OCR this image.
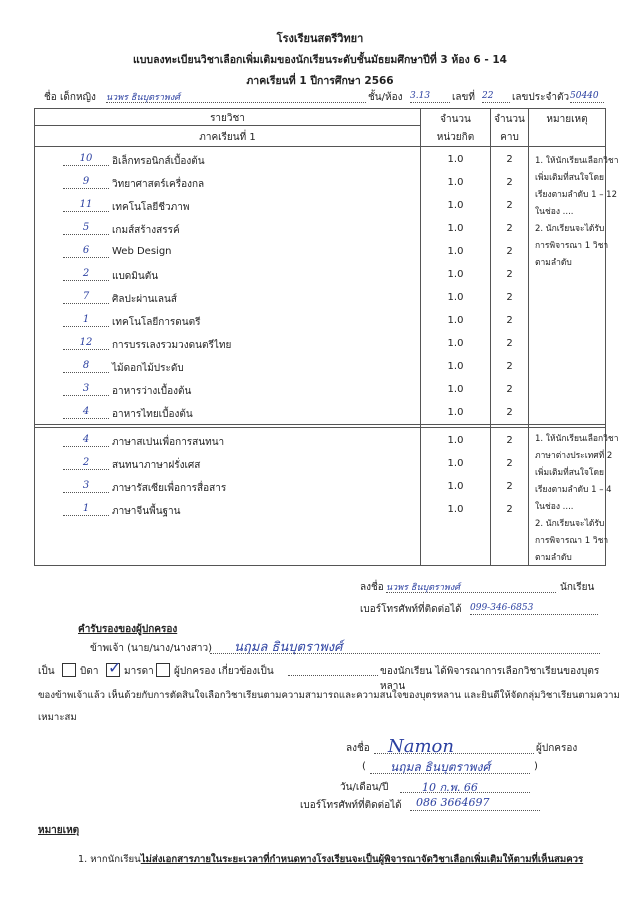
โรงเรียนสตรีวิทยา
แบบลงทะเบียนวิชาเลือกเพิ่มเติมของนักเรียนระดับชั้นมัธยมศึกษาปีที่ 3 ห้อง 6 - 14
ภาคเรียนที่ 1 ปีการศึกษา 2566
ชื่อ เด็กหญิง นวพร ธินบุตราพงศ์	ชั้น/ห้อง 3.13	เลขที่ 22	เลขประจำตัว 50440
รายวิชา
ภาคเรียนที่ 1
จำนวน
หน่วยกิต
จำนวน
คาบ
หมายเหตุ
10	อิเล็กทรอนิกส์เบื้องต้น	1.0	2
9	วิทยาศาสตร์เครื่องกล	1.0	2
11	เทคโนโลยีชีวภาพ	1.0	2
5	เกมส์สร้างสรรค์	1.0	2
6	Web Design	1.0	2
2	แบดมินตัน	1.0	2
7	ศิลปะผ่านเลนส์	1.0	2
1	เทคโนโลยีการดนตรี	1.0	2
12	การบรรเลงรวมวงดนตรีไทย	1.0	2
8	ไม้ดอกไม้ประดับ	1.0	2
3	อาหารว่างเบื้องต้น	1.0	2
4	อาหารไทยเบื้องต้น	1.0	2
1. ให้นักเรียนเลือกวิชา
เพิ่มเติมที่สนใจโดย
เรียงตามลำดับ 1 – 12
ในช่อง ....
2. นักเรียนจะได้รับ
การพิจารณา 1 วิชา
ตามลำดับ
4	ภาษาสเปนเพื่อการสนทนา	1.0	2
2	สนทนาภาษาฝรั่งเศส	1.0	2
3	ภาษารัสเซียเพื่อการสื่อสาร	1.0	2
1	ภาษาจีนพื้นฐาน	1.0	2
1. ให้นักเรียนเลือกวิชา
ภาษาต่างประเทศที่ 2
เพิ่มเติมที่สนใจโดย
เรียงตามลำดับ 1 – 4
ในช่อง ....
2. นักเรียนจะได้รับ
การพิจารณา 1 วิชา
ตามลำดับ
ลงชื่อ นวพร ธินบุตราพงศ์	นักเรียน
เบอร์โทรศัพท์ที่ติดต่อได้ 099-346-6853
คำรับรองของผู้ปกครอง
ข้าพเจ้า (นาย/นาง/นางสาว)	นฤมล ธินบุตราพงศ์
เป็น	บิดา ✓ มารดา ผู้ปกครอง เกี่ยวข้องเป็น	ของนักเรียน ได้พิจารณาการเลือกวิชาเรียนของบุตรหลาน
ของข้าพเจ้าแล้ว เห็นด้วยกับการตัดสินใจเลือกวิชาเรียนตามความสามารถและความสนใจของบุตรหลาน และยินดีให้จัดกลุ่มวิชาเรียนตามความ
เหมาะสม
ลงชื่อ	Namon	ผู้ปกครอง
(	นฤมล ธินบุตราพงศ์	)
วัน/เดือน/ปี	10 ก.พ. 66
เบอร์โทรศัพท์ที่ติดต่อได้	086 3664697
หมายเหตุ
1. หากนักเรียนไม่ส่งเอกสารภายในระยะเวลาที่กำหนดทางโรงเรียนจะเป็นผู้พิจารณาจัดวิชาเลือกเพิ่มเติมให้ตามที่เห็นสมควร
